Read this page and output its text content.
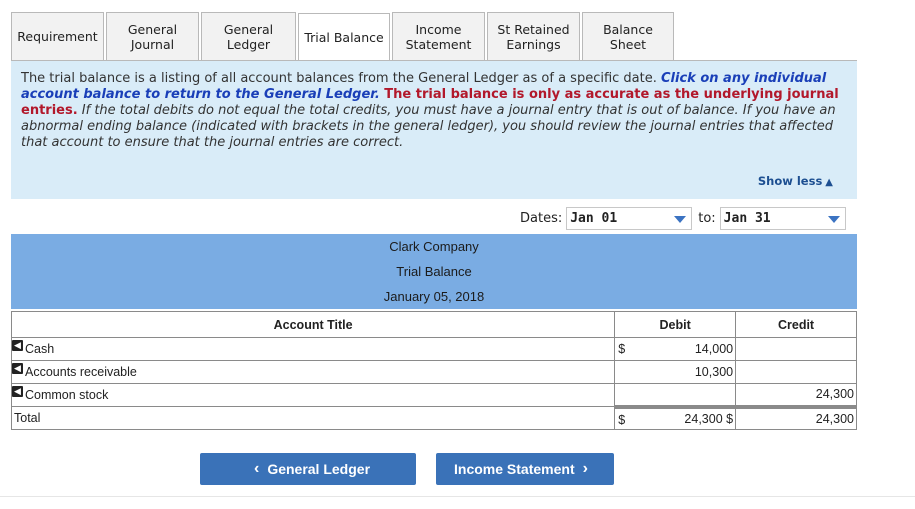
Requirement General
Journal
General
Ledger	Trial Balance
Income
Statement
St Retained
Earnings
Balance Sheet
The trial balance is a listing of all account balances from the General Ledger as of a specific date. Click on any individual account balance to return to the General Ledger. The trial balance is only as accurate as the underlying journal entries. If the total debits do not equal the total credits, you must have a journal entry that is out of balance. If you have an abnormal ending balance (indicated with brackets in the general ledger), you should review the journal entries that affected that account to ensure that the journal entries are correct.
Show less ▲
Dates: Jan 01	to: Jan 31
Clark Company
Trial Balance
January 05, 2018
Account Title	Debit	Credit

◀ Cash	$ 14,000	

◀ Accounts receivable	10,300	

◀ Common stock		24,300
Total	$ 24,300 $	24,300
‹ General Ledger	Income Statement ›
